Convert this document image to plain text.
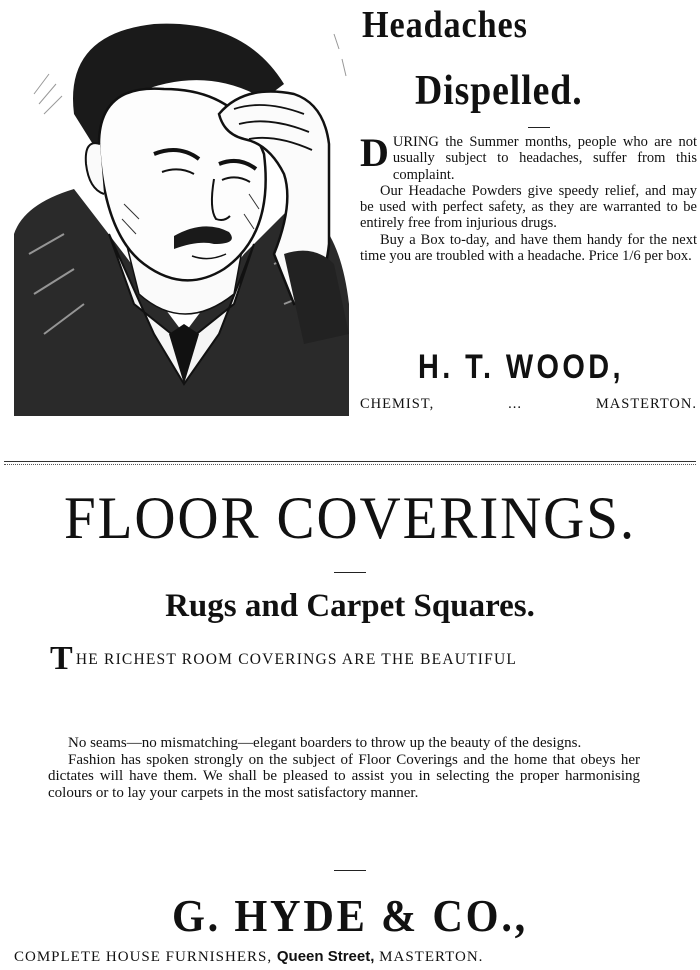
Headaches
Dispelled.

DURING the Summer months, people who are not usually subject to headaches, suffer from this complaint.

Our Headache Powders give speedy relief, and may be used with perfect safety, as they are warranted to be entirely free from injurious drugs.

Buy a Box to-day, and have them handy for the next time you are troubled with a headache. Price 1/6 per box.

H. T. WOOD,
CHEMIST,	...	MASTERTON.
FLOOR COVERINGS.
Rugs and Carpet Squares.
THE RICHEST ROOM COVERINGS ARE THE BEAUTIFUL

No seams—no mismatching—elegant boarders to throw up the beauty of the designs.

Fashion has spoken strongly on the subject of Floor Coverings and the home that obeys her dictates will have them. We shall be pleased to assist you in selecting the proper harmonising colours or to lay your carpets in the most satisfactory manner.

G. HYDE & CO.,
COMPLETE HOUSE FURNISHERS, Queen Street, MASTERTON.
